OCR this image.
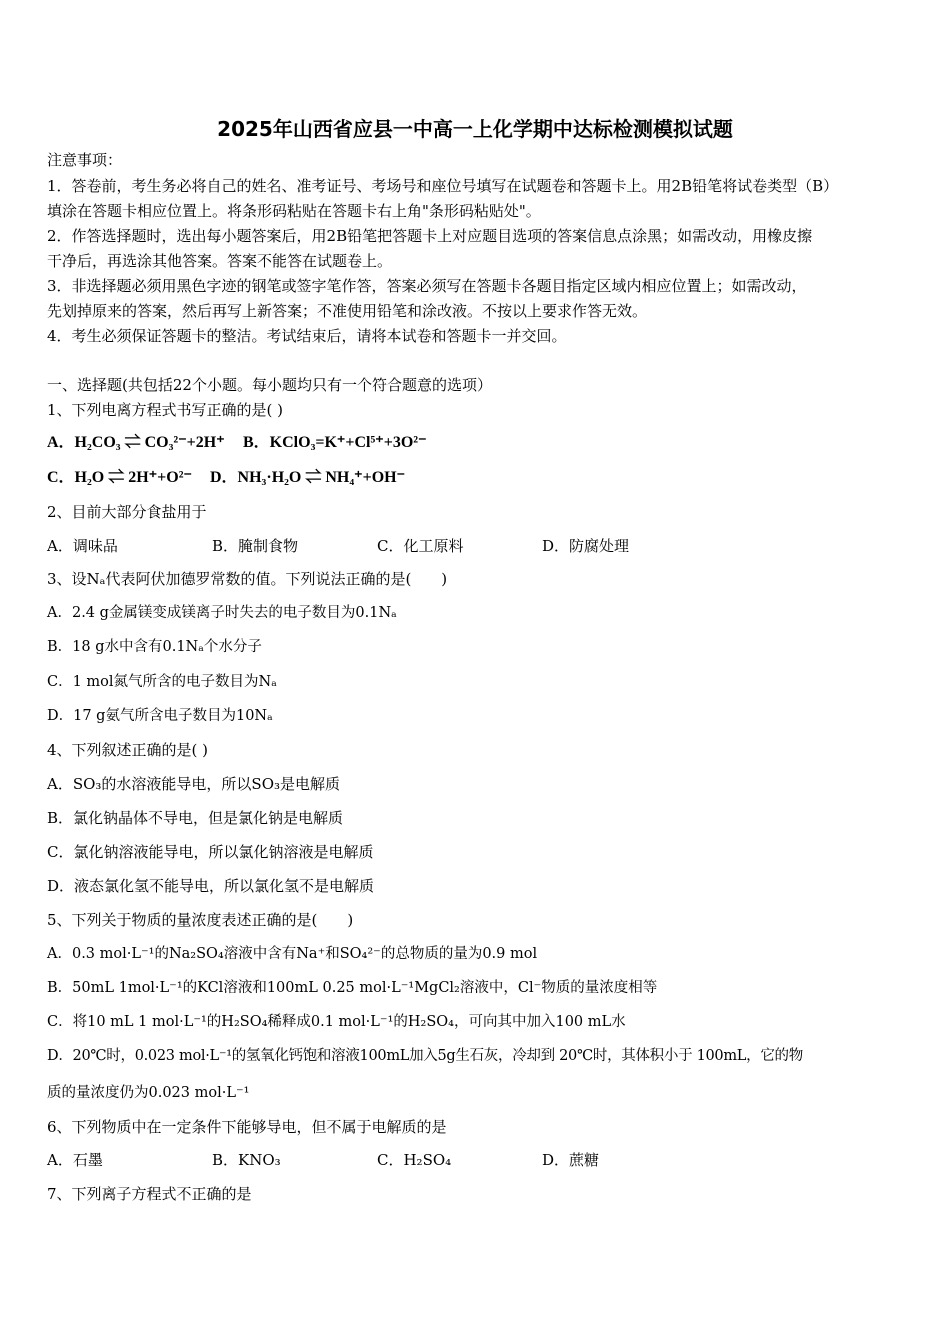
2025年山西省应县一中高一上化学期中达标检测模拟试题
注意事项：
1．答卷前，考生务必将自己的姓名、准考证号、考场号和座位号填写在试题卷和答题卡上。用2B铅笔将试卷类型（B）
填涂在答题卡相应位置上。将条形码粘贴在答题卡右上角"条形码粘贴处"。
2．作答选择题时，选出每小题答案后，用2B铅笔把答题卡上对应题目选项的答案信息点涂黑；如需改动，用橡皮擦
干净后，再选涂其他答案。答案不能答在试题卷上。
3．非选择题必须用黑色字迹的钢笔或签字笔作答，答案必须写在答题卡各题目指定区域内相应位置上；如需改动，
先划掉原来的答案，然后再写上新答案；不准使用铅笔和涂改液。不按以上要求作答无效。
4．考生必须保证答题卡的整洁。考试结束后，请将本试卷和答题卡一并交回。
一、选择题(共包括22个小题。每小题均只有一个符合题意的选项）
1、下列电离方程式书写正确的是( )
A．H₂CO₃ ⇌ CO₃²⁻+2H⁺ B．KClO₃=K⁺+Cl⁵⁺+3O²⁻
C．H₂O ⇌ 2H⁺+O²⁻ D．NH₃·H₂O ⇌ NH₄⁺+OH⁻
2、目前大部分食盐用于
A．调味品	B．腌制食物	C．化工原料	D．防腐处理
3、设Nₐ代表阿伏加德罗常数的值。下列说法正确的是(　　)
A．2.4 g金属镁变成镁离子时失去的电子数目为0.1Nₐ
B．18 g水中含有0.1Nₐ个水分子
C．1 mol氮气所含的电子数目为Nₐ
D．17 g氨气所含电子数目为10Nₐ
4、下列叙述正确的是( )
A．SO₃的水溶液能导电，所以SO₃是电解质
B．氯化钠晶体不导电，但是氯化钠是电解质
C．氯化钠溶液能导电，所以氯化钠溶液是电解质
D．液态氯化氢不能导电，所以氯化氢不是电解质
5、下列关于物质的量浓度表述正确的是(　　)
A．0.3 mol·L⁻¹的Na₂SO₄溶液中含有Na⁺和SO₄²⁻的总物质的量为0.9 mol
B．50mL 1mol·L⁻¹的KCl溶液和100mL 0.25 mol·L⁻¹MgCl₂溶液中，Cl⁻物质的量浓度相等
C．将10 mL 1 mol·L⁻¹的H₂SO₄稀释成0.1 mol·L⁻¹的H₂SO₄，可向其中加入100 mL水
D．20℃时，0.023 mol·L⁻¹的氢氧化钙饱和溶液100mL加入5g生石灰，冷却到 20℃时，其体积小于 100mL，它的物
质的量浓度仍为0.023 mol·L⁻¹
6、下列物质中在一定条件下能够导电，但不属于电解质的是
A．石墨	B．KNO₃	C．H₂SO₄	D．蔗糖
7、下列离子方程式不正确的是
